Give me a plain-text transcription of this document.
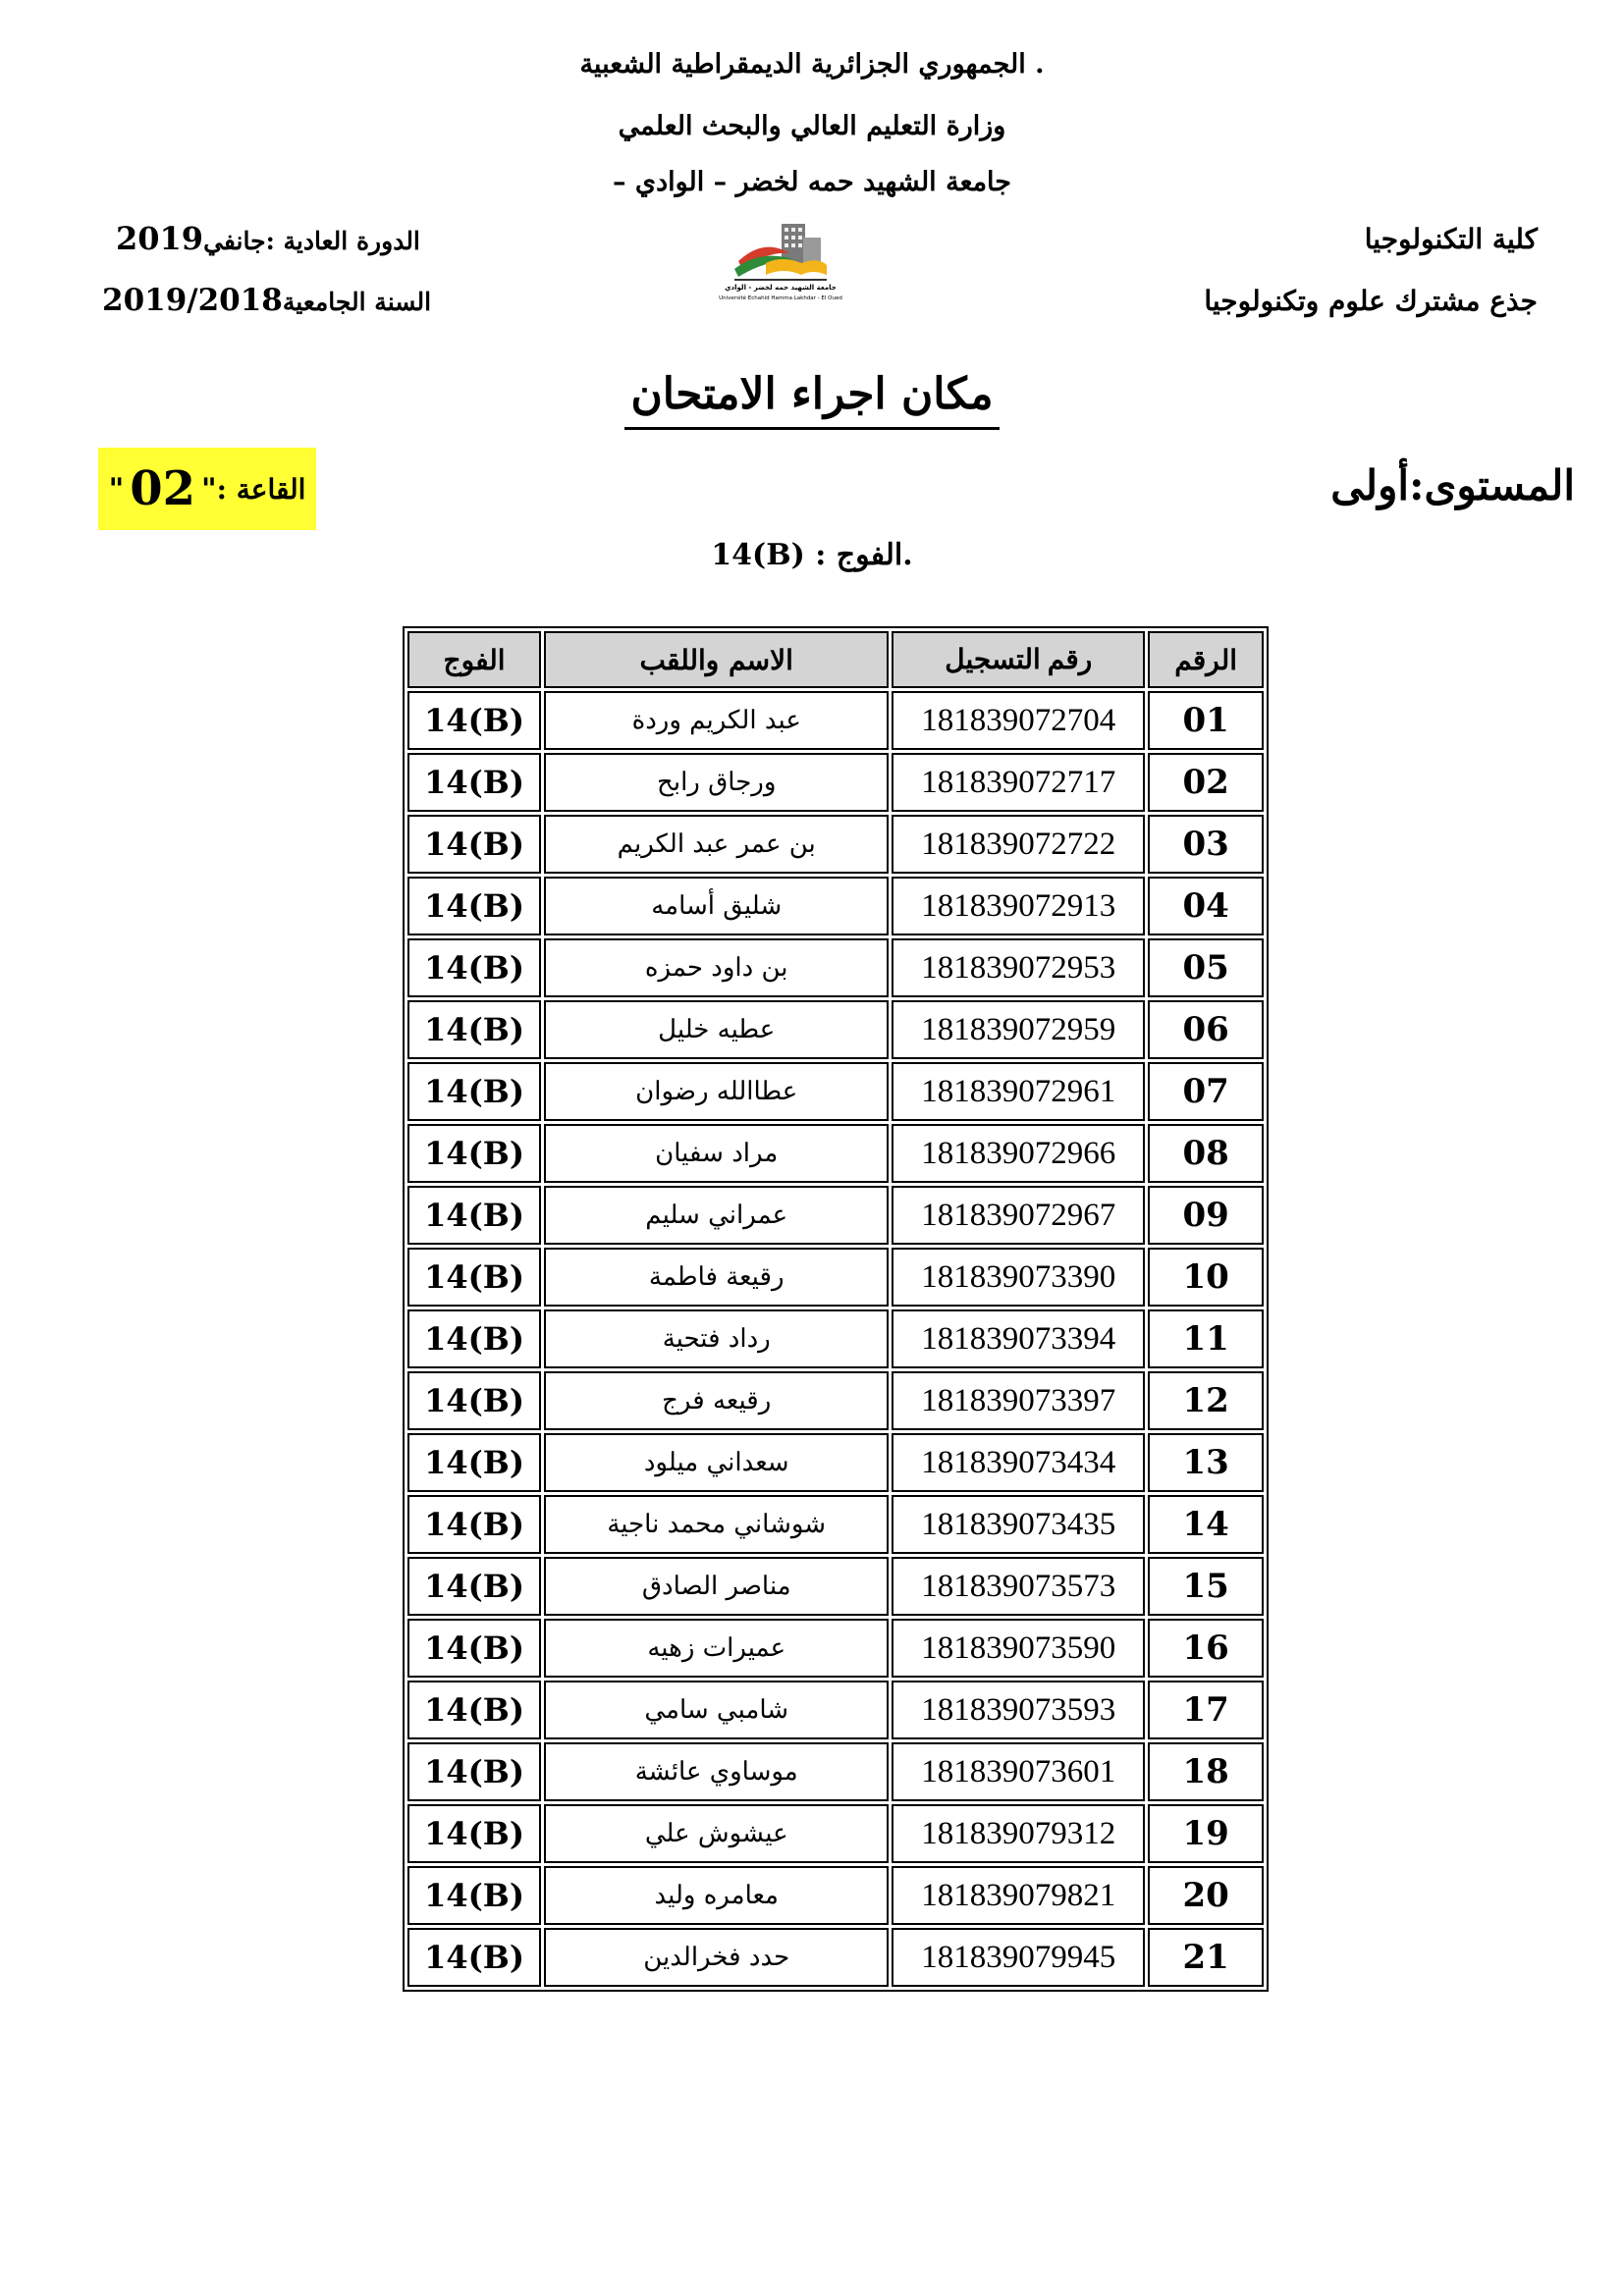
. الجمهوري الجزائرية الديمقراطية الشعبية
وزارة التعليم العالي والبحث العلمي
جامعة الشهيد حمه لخضر – الوادي –
كلية التكنولوجيا
جذع مشترك علوم وتكنولوجيا
الدورة العادية :جانفي2019
السنة الجامعية2019/2018	جامعة الشهيد حمه لخضر - الوادي
Université Echahid Hamma Lakhdar - El Oued
مكان اجراء الامتحان
المستوى:أولى
القاعة :
"
02
"
.الفوج : 14(B)
الرقم	رقم التسجيل	الاسم واللقب	الفوج
01	181839072704	عبد الكريم وردة	14(B)
02	181839072717	ورجاق رابح	14(B)
03	181839072722	بن عمر عبد الكريم	14(B)
04	181839072913	شليق أسامه	14(B)
05	181839072953	بن داود حمزه	14(B)
06	181839072959	عطيه خليل	14(B)
07	181839072961	عطاالله رضوان	14(B)
08	181839072966	مراد سفيان	14(B)
09	181839072967	عمراني سليم	14(B)
10	181839073390	رقيعة فاطمة	14(B)
11	181839073394	رداد فتحية	14(B)
12	181839073397	رقيعه فرج	14(B)
13	181839073434	سعداني ميلود	14(B)
14	181839073435	شوشاني محمد ناجية	14(B)
15	181839073573	مناصر الصادق	14(B)
16	181839073590	عميرات زهيه	14(B)
17	181839073593	شامبي سامي	14(B)
18	181839073601	موساوي عائشة	14(B)
19	181839079312	عيشوش علي	14(B)
20	181839079821	معامره وليد	14(B)
21	181839079945	حدد فخرالدين	14(B)
